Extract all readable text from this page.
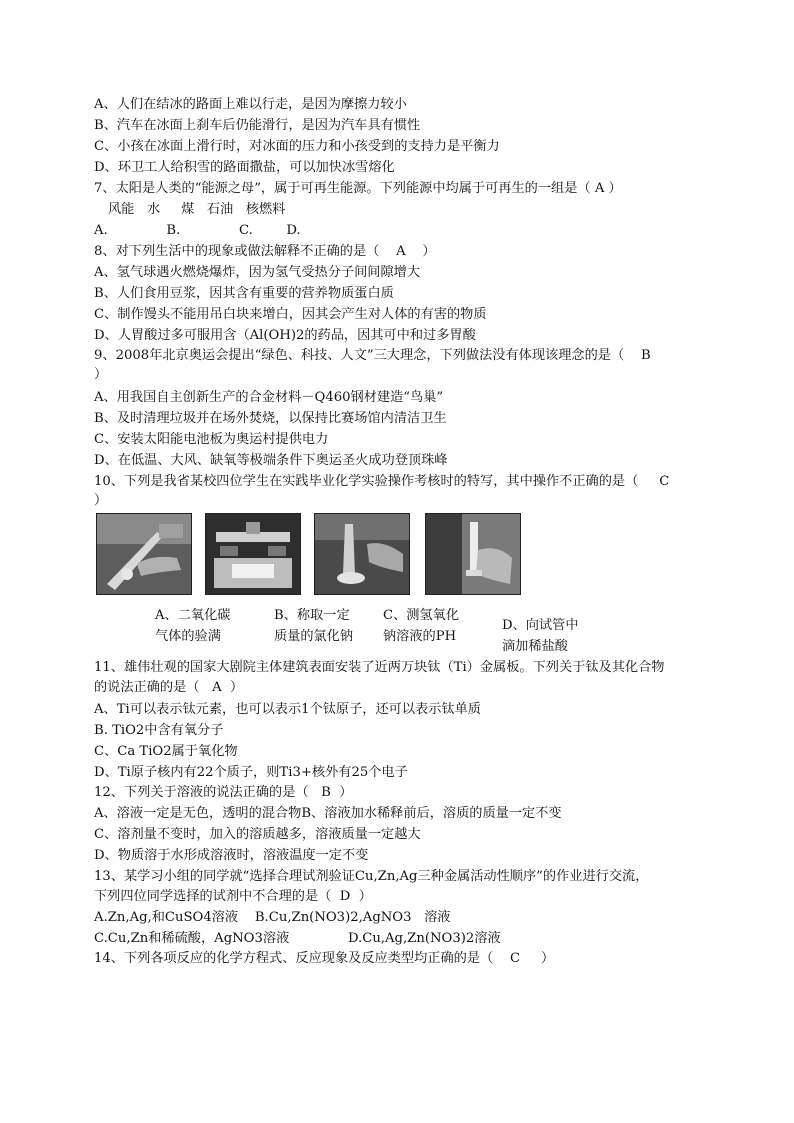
A、人们在结冰的路面上难以行走，是因为摩擦力较小
B、汽车在冰面上刹车后仍能滑行，是因为汽车具有惯性
C、小孩在冰面上滑行时，对冰面的压力和小孩受到的支持力是平衡力
D、环卫工人给积雪的路面撒盐，可以加快冰雪熔化
7、太阳是人类的“能源之母”，属于可再生能源。下列能源中均属于可再生的一组是（ A ）
风能   水     煤   石油   核燃料
A.              B.              C.        D.
8、对下列生活中的现象或做法解释不正确的是（    A    ）
A、氢气球遇火燃烧爆炸，因为氢气受热分子间间隙增大
B、人们食用豆浆，因其含有重要的营养物质蛋白质
C、制作馒头不能用吊白块来增白，因其会产生对人体的有害的物质
D、人胃酸过多可服用含（Al(OH)2的药品，因其可中和过多胃酸
9、2008年北京奥运会提出“绿色、科技、人文”三大理念，下列做法没有体现该理念的是（    B
）
A、用我国自主创新生产的合金材料－Q460钢材建造“鸟巢”
B、及时清理垃圾并在场外焚烧，以保持比赛场馆内清洁卫生
C、安装太阳能电池板为奥运村提供电力
D、在低温、大风、缺氧等极端条件下奥运圣火成功登顶珠峰
10、下列是我省某校四位学生在实践毕业化学实验操作考核时的特写，其中操作不正确的是（     C
）
A、二氧化碳
气体的验满
B、称取一定
质量的氯化钠
C、测氢氧化
钠溶液的PH
D、向试管中
滴加稀盐酸
11、雄伟壮观的国家大剧院主体建筑表面安装了近两万块钛（Ti）金属板。下列关于钛及其化合物
的说法正确的是（   A  ）
A、Ti可以表示钛元素，也可以表示1个钛原子，还可以表示钛单质
B. TiO2中含有氧分子
C、Ca TiO2属于氧化物
D、Ti原子核内有22个质子，则Ti3+核外有25个电子
12、下列关于溶液的说法正确的是（   B  ）
A、溶液一定是无色，透明的混合物B、溶液加水稀释前后，溶质的质量一定不变
C、溶剂量不变时，加入的溶质越多，溶液质量一定越大
D、物质溶于水形成溶液时，溶液温度一定不变
13、某学习小组的同学就“选择合理试剂验证Cu,Zn,Ag三种金属活动性顺序”的作业进行交流，
下列四位同学选择的试剂中不合理的是（  D  ）
A.Zn,Ag,和CuSO4溶液    B.Cu,Zn(NO3)2,AgNO3   溶液
C.Cu,Zn和稀硫酸，AgNO3溶液              D.Cu,Ag,Zn(NO3)2溶液
14、下列各项反应的化学方程式、反应现象及反应类型均正确的是（    C     ）
